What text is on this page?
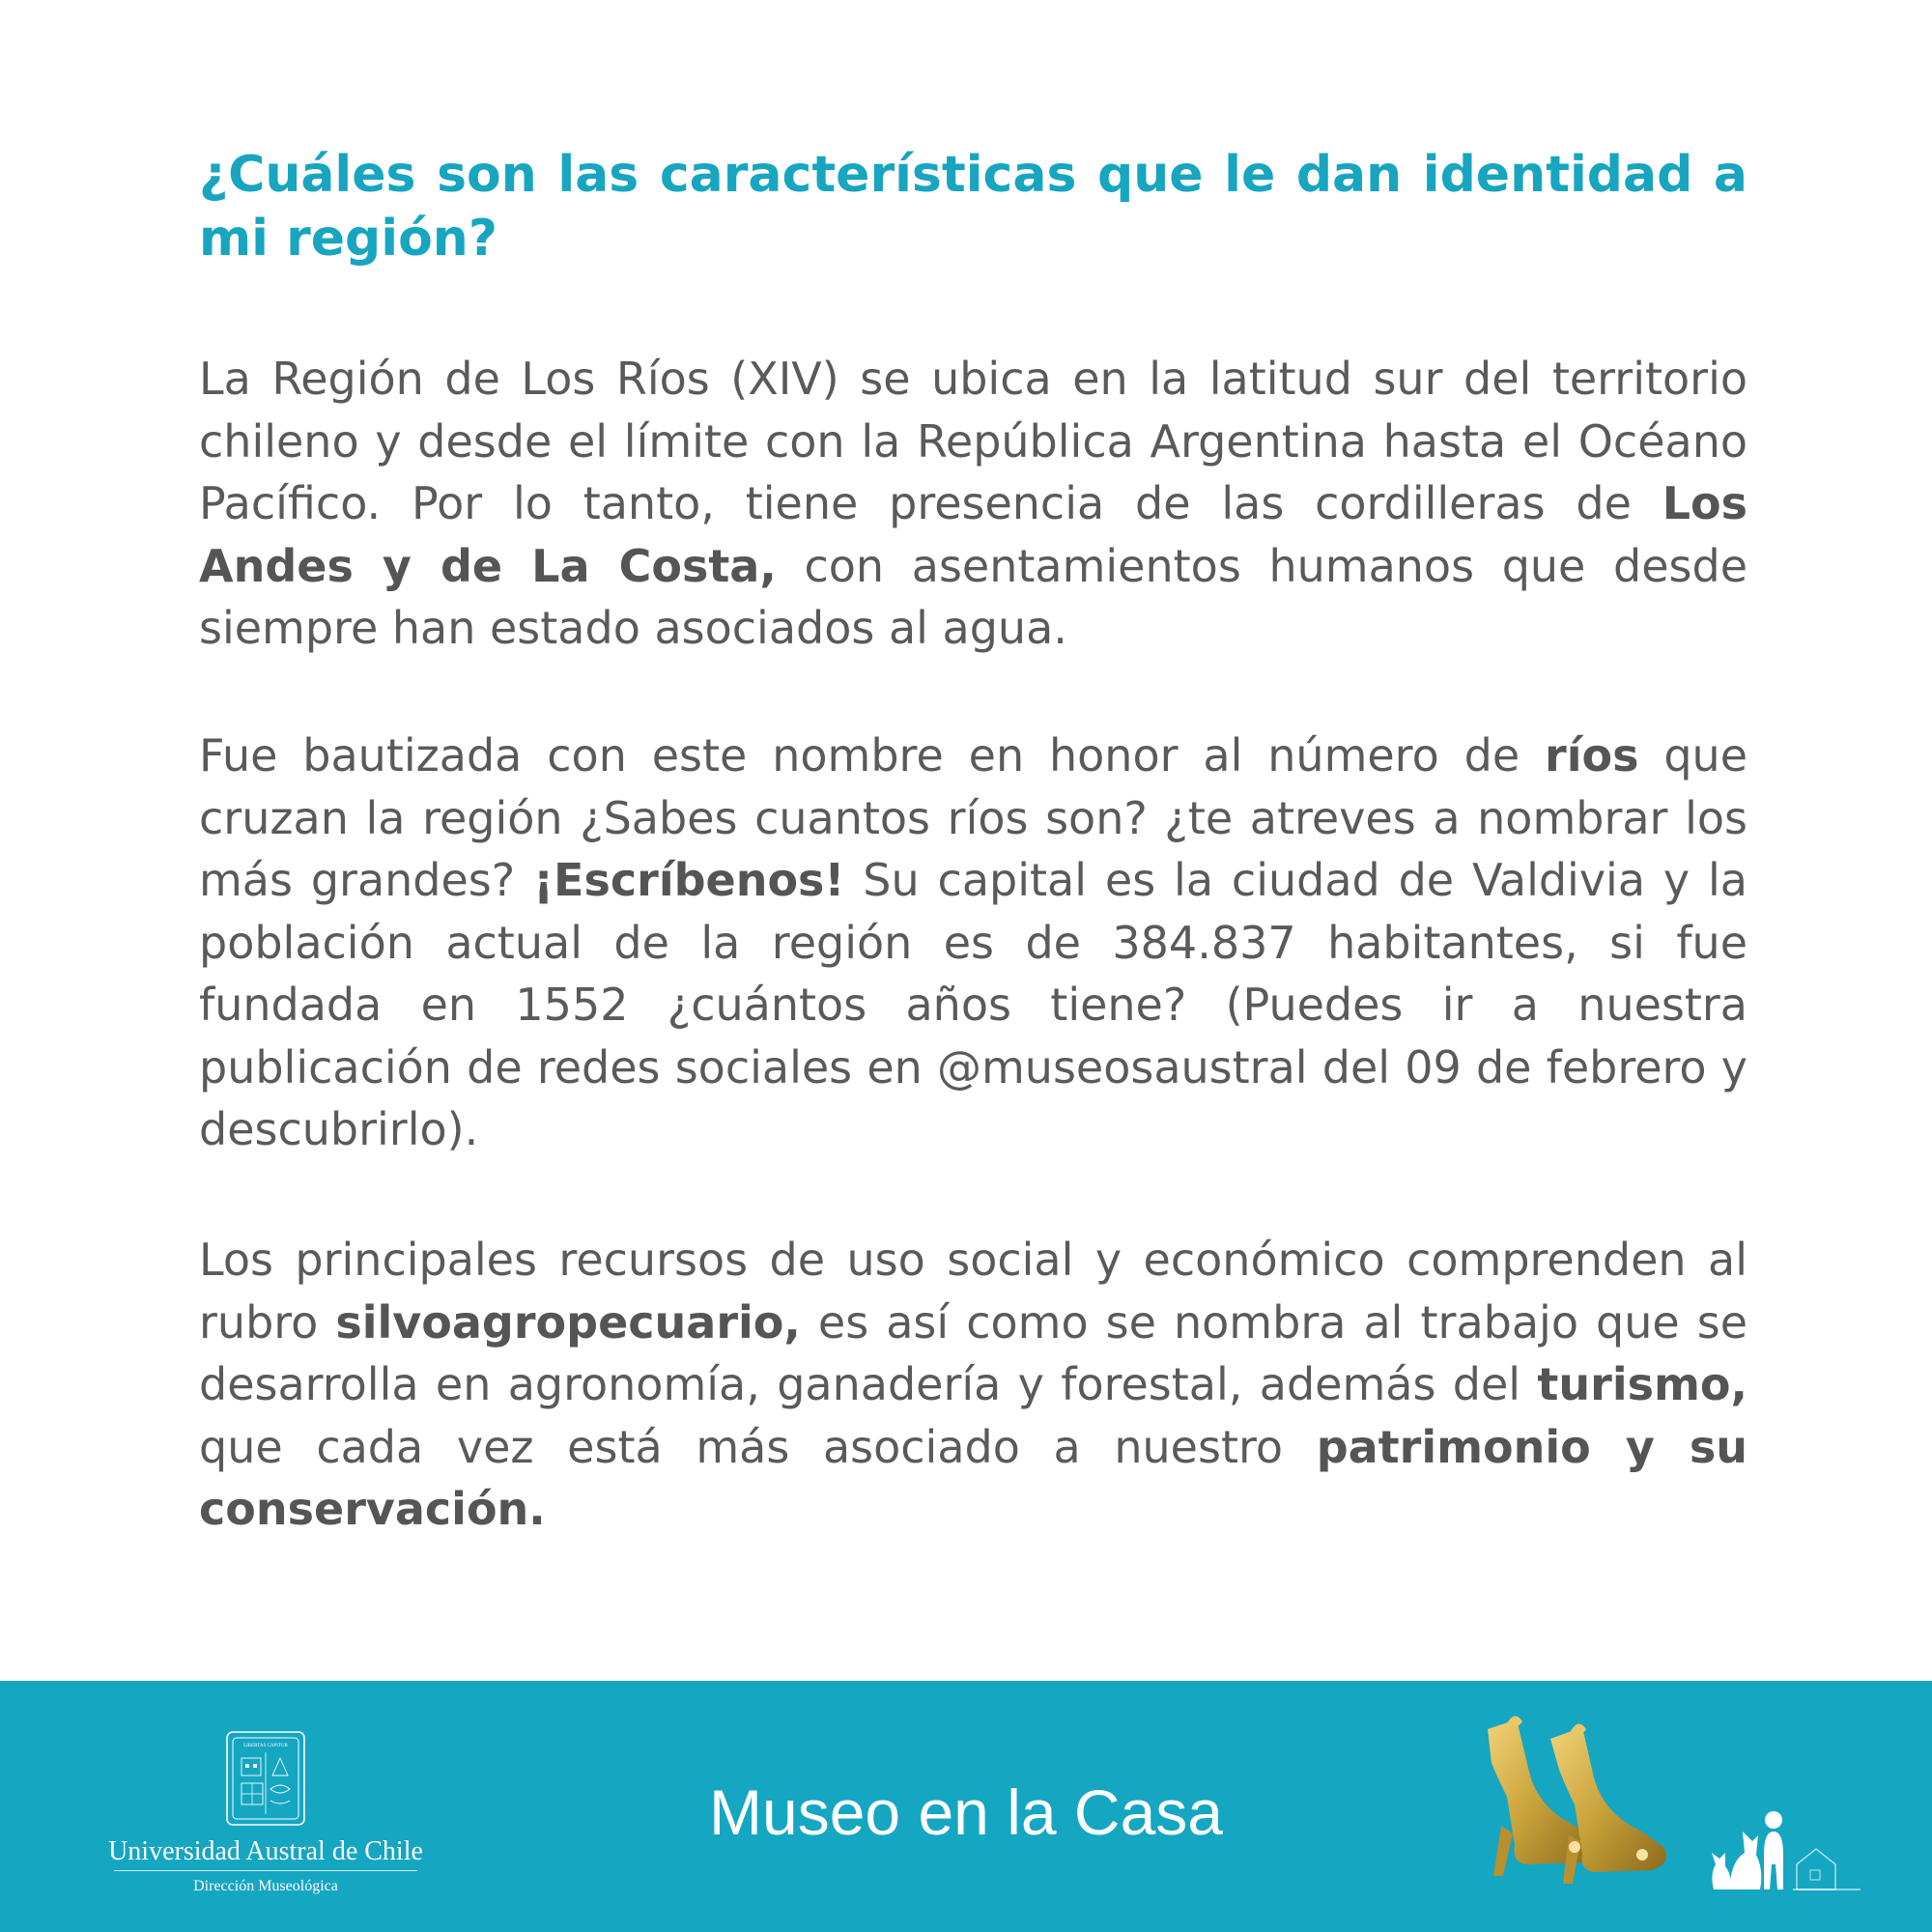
¿Cuáles son las características que le dan identidad a mi región?

La Región de Los Ríos (XIV) se ubica en la latitud sur del territorio chileno y desde el límite con la República Argentina hasta el Océano Pacífico. Por lo tanto, tiene presencia de las cordilleras de Los Andes y de La Costa, con asentamientos humanos que desde siempre han estado asociados al agua.

Fue bautizada con este nombre en honor al número de ríos que cruzan la región ¿Sabes cuantos ríos son? ¿te atreves a nombrar los más grandes? ¡Escríbenos! Su capital es la ciudad de Valdivia y la población actual de la región es de 384.837 habitantes, si fue fundada en 1552 ¿cuántos años tiene? (Puedes ir a nuestra publicación de redes sociales en @museosaustral del 09 de febrero y descubrirlo).

Los principales recursos de uso social y económico comprenden al rubro silvoagropecuario, es así como se nombra al trabajo que se desarrolla en agronomía, ganadería y forestal, además del turismo, que cada vez está más asociado a nuestro patrimonio y su conservación.

LIBERTAS CAPITUR
Universidad Austral de Chile
Dirección Museológica
Museo en la Casa
